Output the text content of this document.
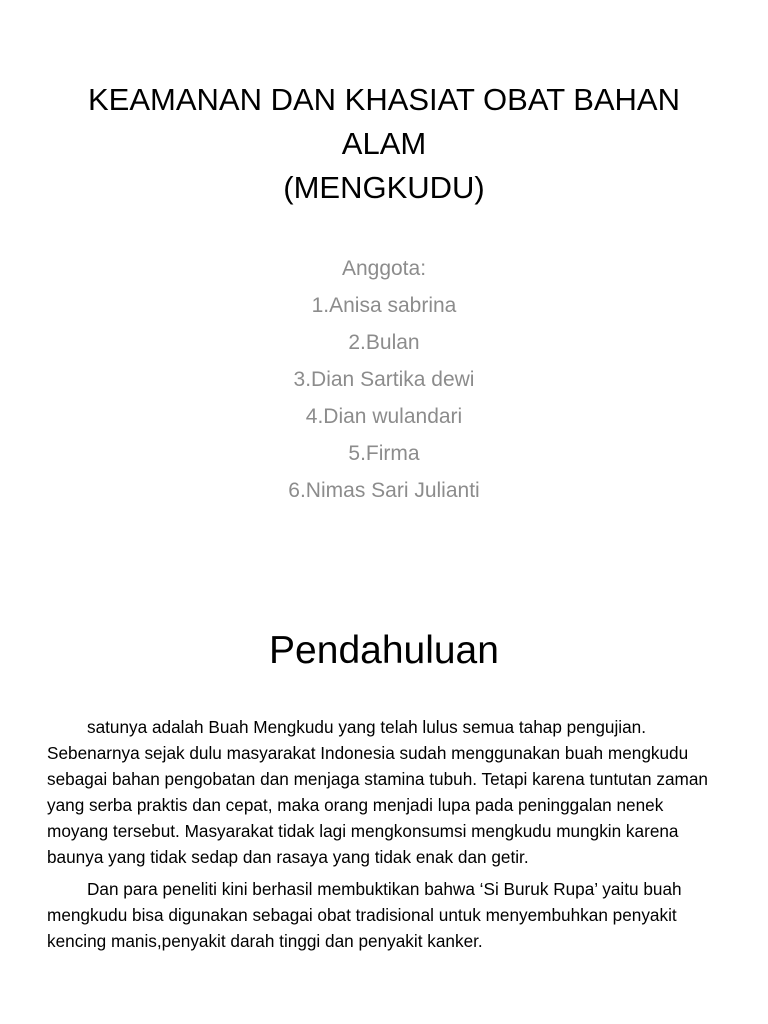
KEAMANAN DAN KHASIAT OBAT BAHAN
ALAM
(MENGKUDU)
Anggota:
1.Anisa sabrina
2.Bulan
3.Dian Sartika dewi
4.Dian wulandari
5.Firma
6.Nimas Sari Julianti
Pendahuluan

satunya adalah Buah Mengkudu yang telah lulus semua tahap pengujian. Sebenarnya sejak dulu masyarakat Indonesia sudah menggunakan buah mengkudu sebagai bahan pengobatan dan menjaga stamina tubuh. Tetapi karena tuntutan zaman yang serba praktis dan cepat, maka orang menjadi lupa pada peninggalan nenek moyang tersebut. Masyarakat tidak lagi mengkonsumsi mengkudu mungkin karena baunya yang tidak sedap dan rasaya yang tidak enak dan getir.

Dan para peneliti kini berhasil membuktikan bahwa ‘Si Buruk Rupa’ yaitu buah mengkudu bisa digunakan sebagai obat tradisional untuk menyembuhkan penyakit kencing manis,penyakit darah tinggi dan penyakit kanker.
